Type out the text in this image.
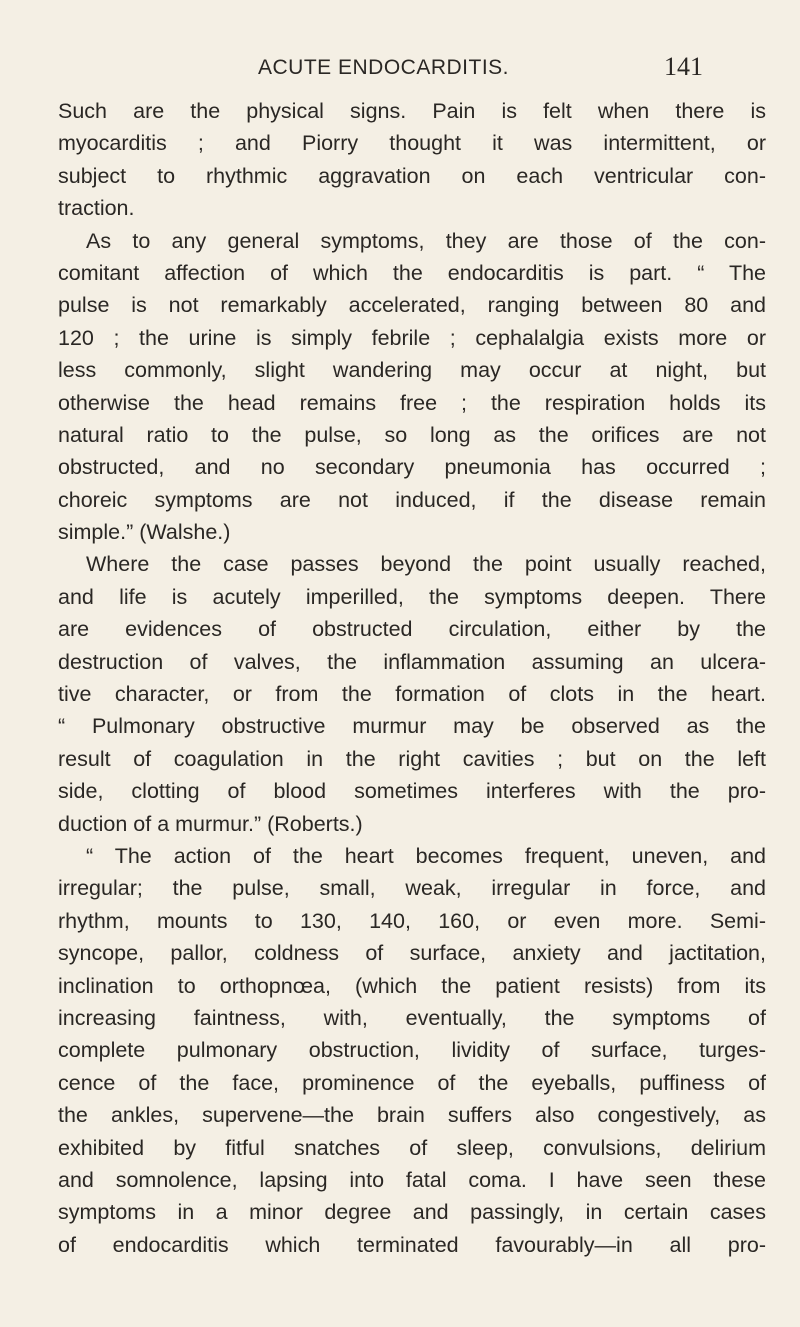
ACUTE ENDOCARDITIS.	141
Such are the physical signs. Pain is felt when there is
myocarditis ; and Piorry thought it was intermittent, or
subject to rhythmic aggravation on each ventricular con-
traction.
As to any general symptoms, they are those of the con-
comitant affection of which the endocarditis is part. “ The
pulse is not remarkably accelerated, ranging between 80 and
120 ; the urine is simply febrile ; cephalalgia exists more or
less commonly, slight wandering may occur at night, but
otherwise the head remains free ; the respiration holds its
natural ratio to the pulse, so long as the orifices are not
obstructed, and no secondary pneumonia has occurred ;
choreic symptoms are not induced, if the disease remain
simple.” (Walshe.)
Where the case passes beyond the point usually reached,
and life is acutely imperilled, the symptoms deepen. There
are evidences of obstructed circulation, either by the
destruction of valves, the inflammation assuming an ulcera-
tive character, or from the formation of clots in the heart.
“ Pulmonary obstructive murmur may be observed as the
result of coagulation in the right cavities ; but on the left
side, clotting of blood sometimes interferes with the pro-
duction of a murmur.” (Roberts.)
“ The action of the heart becomes frequent, uneven, and
irregular; the pulse, small, weak, irregular in force, and
rhythm, mounts to 130, 140, 160, or even more. Semi-
syncope, pallor, coldness of surface, anxiety and jactitation,
inclination to orthopnœa, (which the patient resists) from its
increasing faintness, with, eventually, the symptoms of
complete pulmonary obstruction, lividity of surface, turges-
cence of the face, prominence of the eyeballs, puffiness of
the ankles, supervene—the brain suffers also congestively, as
exhibited by fitful snatches of sleep, convulsions, delirium
and somnolence, lapsing into fatal coma. I have seen these
symptoms in a minor degree and passingly, in certain cases
of endocarditis which terminated favourably—in all pro-
